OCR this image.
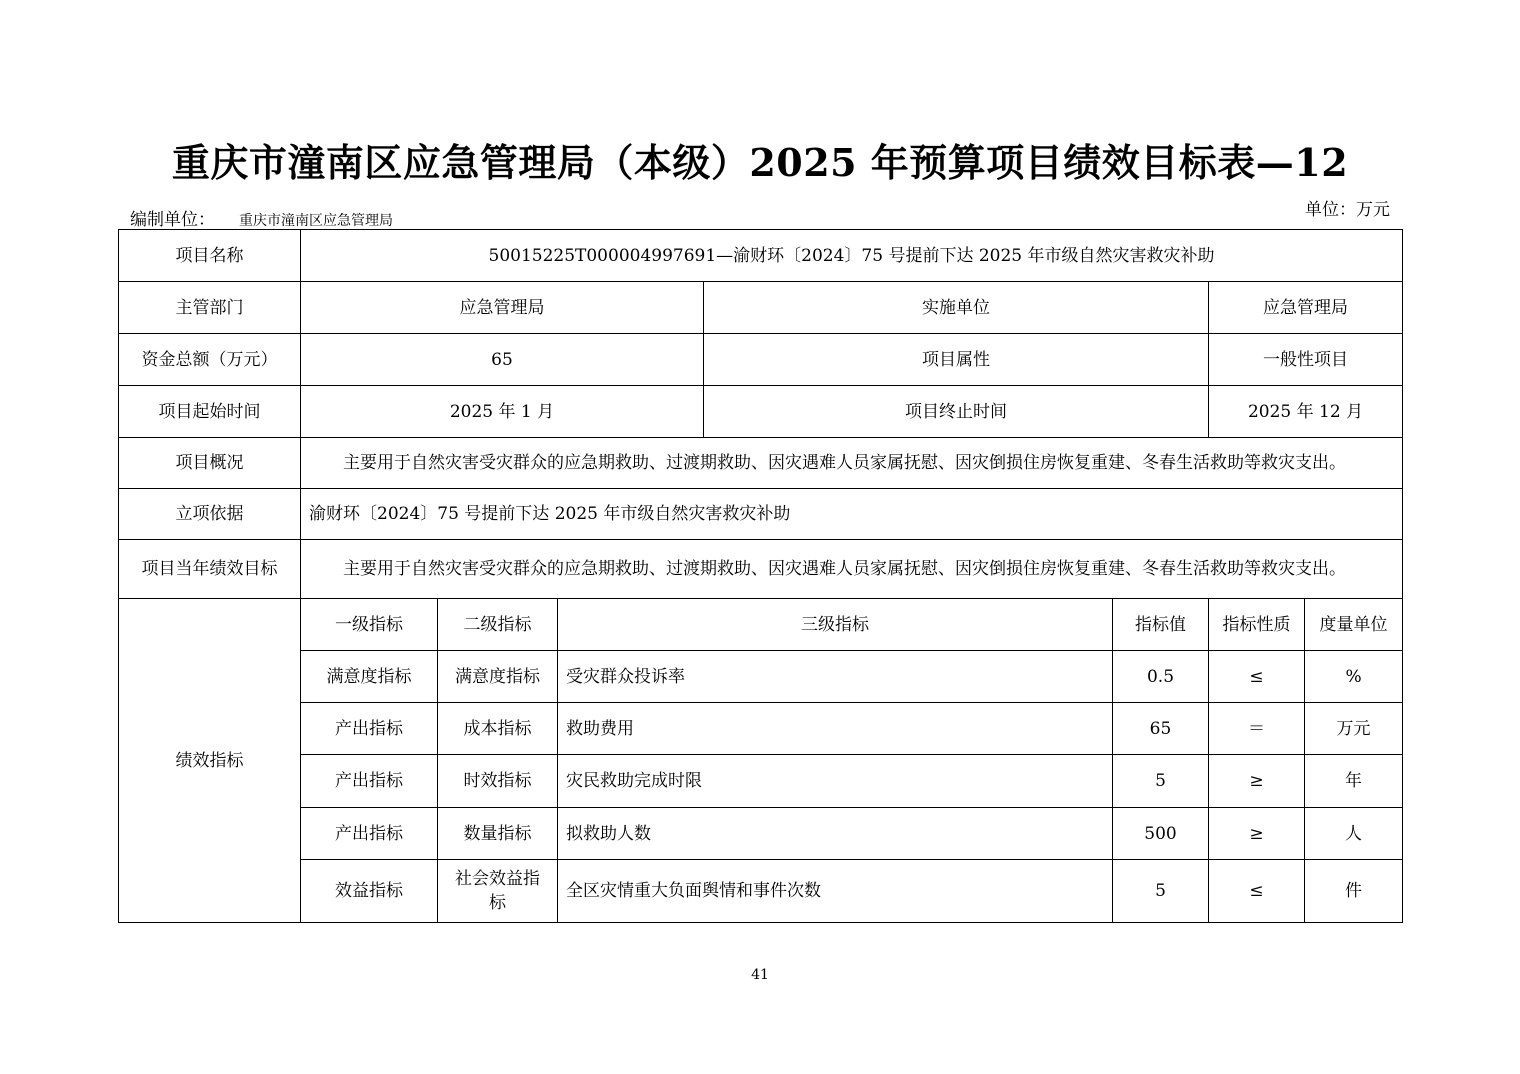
重庆市潼南区应急管理局（本级）2025 年预算项目绩效目标表—12
编制单位： 重庆市潼南区应急管理局
单位：万元
项目名称	50015225T000004997691—渝财环〔2024〕75 号提前下达 2025 年市级自然灾害救灾补助						
主管部门	应急管理局			实施单位		应急管理局	
资金总额（万元）	65			项目属性		一般性项目	
项目起始时间	2025 年 1 月			项目终止时间		2025 年 12 月	
项目概况	主要用于自然灾害受灾群众的应急期救助、过渡期救助、因灾遇难人员家属抚慰、因灾倒损住房恢复重建、冬春生活救助等救灾支出。						
立项依据	渝财环〔2024〕75 号提前下达 2025 年市级自然灾害救灾补助						
项目当年绩效目标	主要用于自然灾害受灾群众的应急期救助、过渡期救助、因灾遇难人员家属抚慰、因灾倒损住房恢复重建、冬春生活救助等救灾支出。						
绩效指标	一级指标	二级指标	三级指标		指标值	指标性质	度量单位
	满意度指标	满意度指标	受灾群众投诉率		0.5	≤	%
	产出指标	成本指标	救助费用		65	＝	万元
	产出指标	时效指标	灾民救助完成时限		5	≥	年
	产出指标	数量指标	拟救助人数		500	≥	人
	效益指标	社会效益指标	全区灾情重大负面舆情和事件次数		5	≤	件
41
